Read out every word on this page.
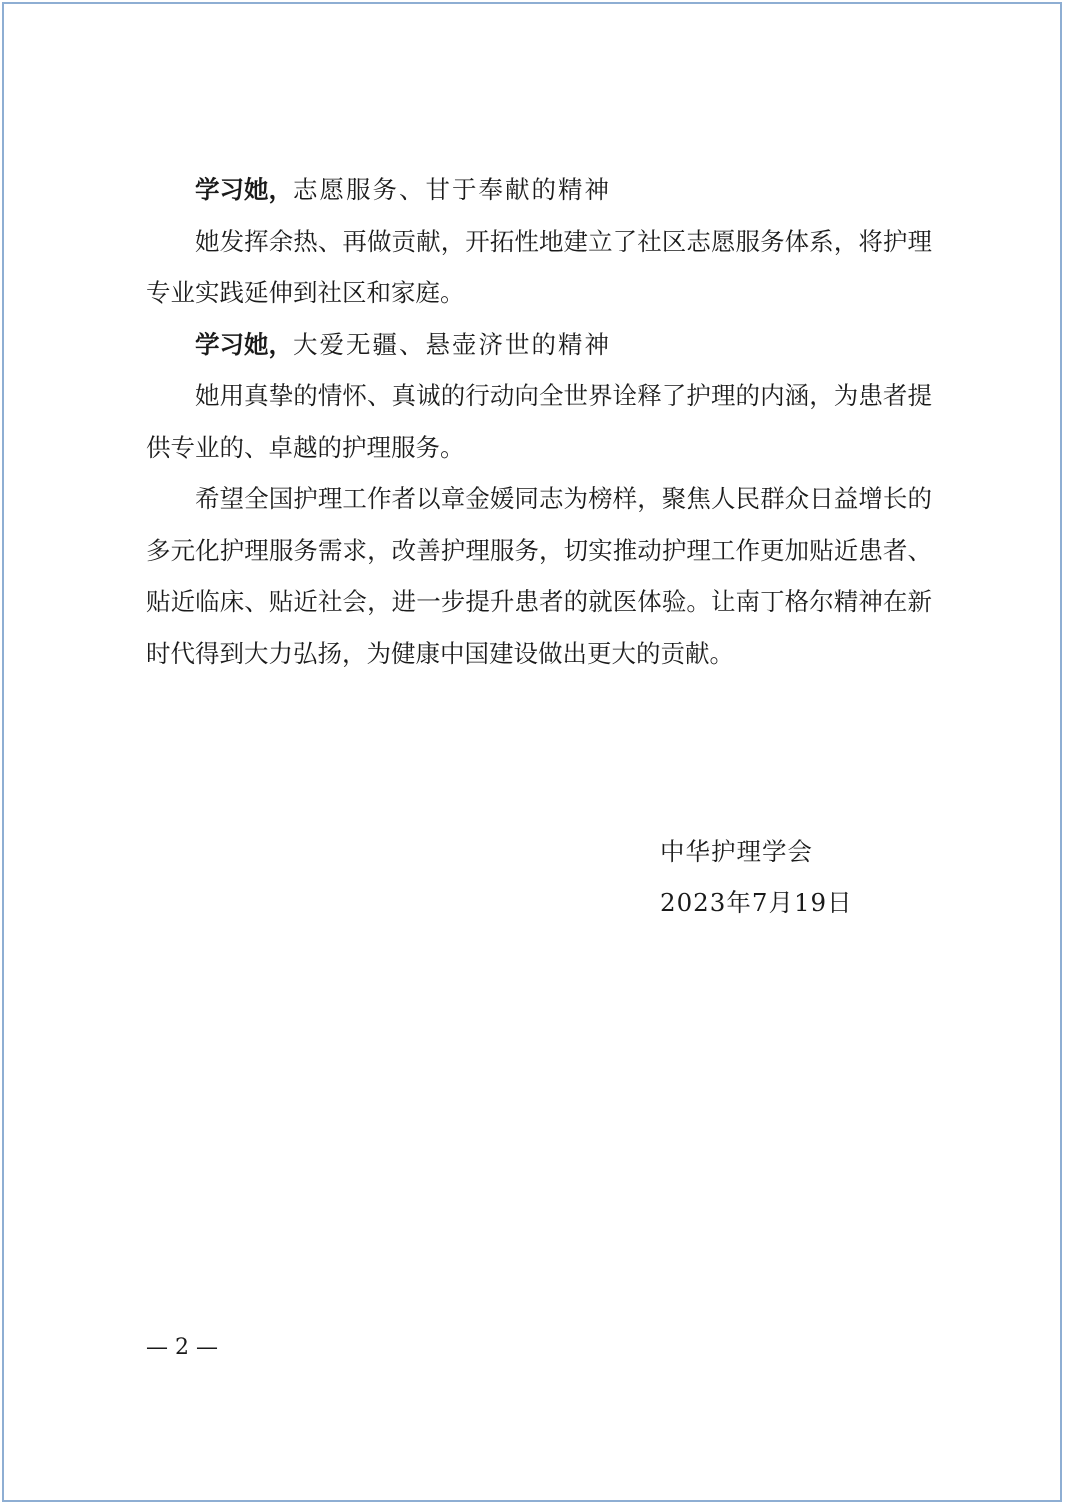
学习她，志愿服务、甘于奉献的精神

她发挥余热、再做贡献，开拓性地建立了社区志愿服务体系，将护理专业实践延伸到社区和家庭。

学习她，大爱无疆、悬壶济世的精神

她用真挚的情怀、真诚的行动向全世界诠释了护理的内涵，为患者提供专业的、卓越的护理服务。

希望全国护理工作者以章金媛同志为榜样，聚焦人民群众日益增长的多元化护理服务需求，改善护理服务，切实推动护理工作更加贴近患者、贴近临床、贴近社会，进一步提升患者的就医体验。让南丁格尔精神在新时代得到大力弘扬，为健康中国建设做出更大的贡献。

中华护理学会
2023年7月19日
— 2 —
